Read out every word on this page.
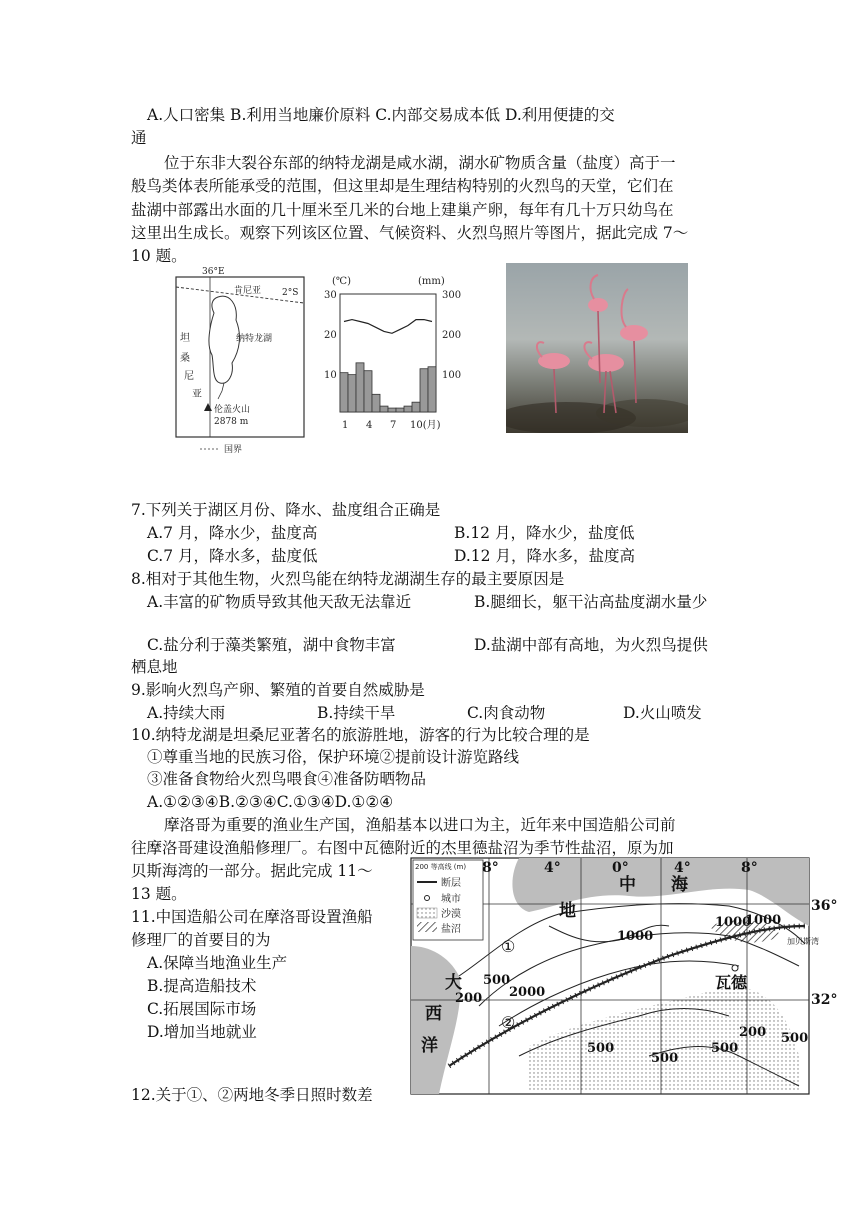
A.人口密集 B.利用当地廉价原料 C.内部交易成本低 D.利用便捷的交
通
位于东非大裂谷东部的纳特龙湖是咸水湖，湖水矿物质含量（盐度）高于一
般鸟类体表所能承受的范围，但这里却是生理结构特别的火烈鸟的天堂，它们在
盐湖中部露出水面的几十厘米至几米的台地上建巢产卵，每年有几十万只幼鸟在
这里出生成长。观察下列该区位置、气候资料、火烈鸟照片等图片，据此完成 7～
10 题。
36°E
2°S
肯尼亚
纳特龙湖
坦
桑
尼
亚
伦盖火山
2878 m
国界
(℃)	(mm)
30
20
10
300
200
100
1 4 7 10(月)
7.下列关于湖区月份、降水、盐度组合正确是
A.7 月，降水少，盐度高	B.12 月，降水少，盐度低
C.7 月，降水多，盐度低	D.12 月，降水多，盐度高
8.相对于其他生物，火烈鸟能在纳特龙湖湖生存的最主要原因是
A.丰富的矿物质导致其他天敌无法靠近	B.腿细长，躯干沾高盐度湖水量少
C.盐分利于藻类繁殖，湖中食物丰富	D.盐湖中部有高地，为火烈鸟提供
栖息地
9.影响火烈鸟产卵、繁殖的首要自然威胁是
A.持续大雨	B.持续干旱	C.肉食动物	D.火山喷发
10.纳特龙湖是坦桑尼亚著名的旅游胜地，游客的行为比较合理的是
①尊重当地的民族习俗，保护环境②提前设计游览路线
③准备食物给火烈鸟喂食④准备防晒物品
A.①②③④B.②③④C.①③④D.①②④
摩洛哥为重要的渔业生产国，渔船基本以进口为主，近年来中国造船公司前
往摩洛哥建设渔船修理厂。右图中瓦德附近的杰里德盐沼为季节性盐沼，原为加
贝斯海湾的一部分。据此完成 11～
13 题。
11.中国造船公司在摩洛哥设置渔船
修理厂的首要目的为
A.保障当地渔业生产
B.提高造船技术
C.拓展国际市场
D.增加当地就业
12.关于①、②两地冬季日照时数差
200 等高线 (m)
断层
城市
沙漠
盐沼
中 海
地
大
西
洋
瓦德
加贝斯湾
①
②
1000
1000
500
2000
200
500
200
500
500
500
1000
8°	4°	0°	4°	8°
36°
32°
